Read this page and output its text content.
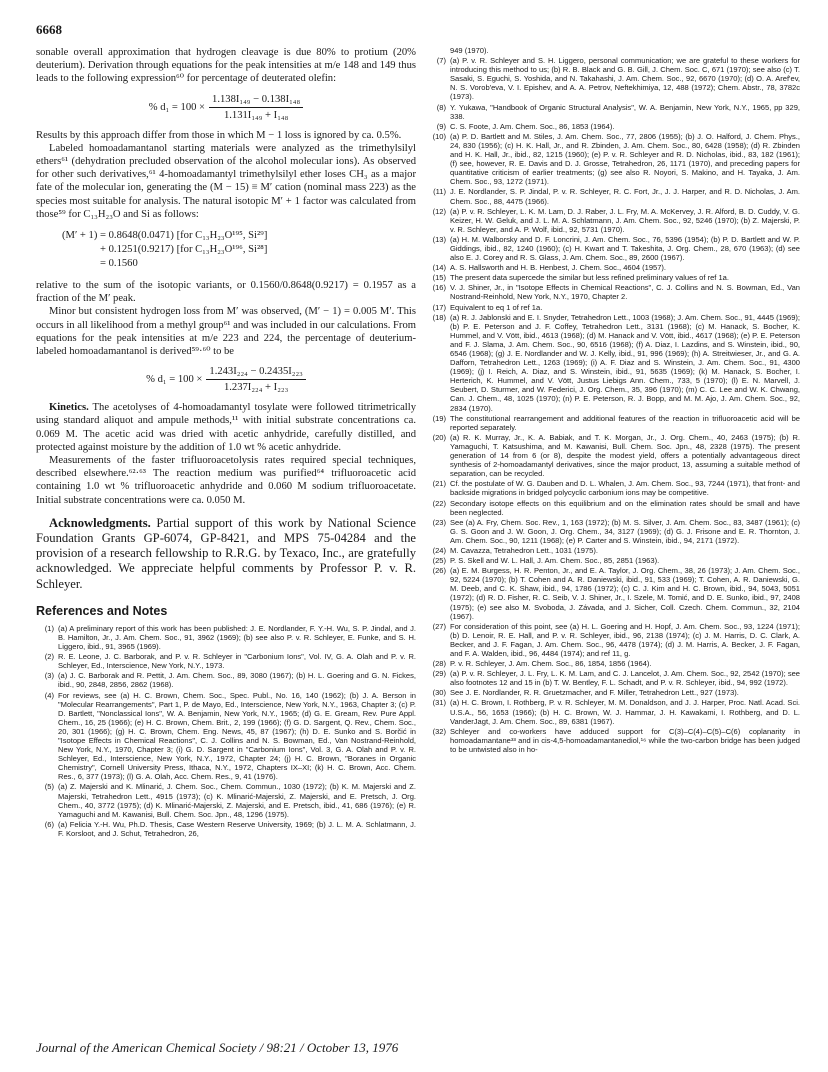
6668

sonable overall approximation that hydrogen cleavage is due 80% to protium (20% deuterium). Derivation through equations for the peak intensities at m/e 148 and 149 thus leads to the following expression⁶⁰ for percentage of deuterated olefin:

% $d_1 = 100 \times \frac{\text{1.138I₁₄₉ − 0.138I₁₄₈}}{\text{1.131I₁₄₉ + I₁₄₈}}$

Results by this approach differ from those in which M − 1 loss is ignored by ca. 0.5%.

Labeled homoadamantanol starting materials were analyzed as the trimethylsilyl ethers⁶¹ (dehydration precluded observation of the alcohol molecular ions). As observed for other such derivatives,⁶¹ 4-homoadamantyl trimethylsilyl ether loses CH₃ as a major fate of the molecular ion, generating the (M − 15) ≡ M′ cation (nominal mass 223) as the species most suitable for analysis. The natural isotopic M′ + 1 factor was calculated from those⁵⁹ for C₁₃H₂₃O and Si as follows:

(M′ + 1) = 0.8648(0.0471) [for C₁₃H₂₃O¹⁹⁵, Si²⁹]
+ 0.1251(0.9217) [for C₁₃H₂₃O¹⁹⁶, Si²⁸]
= 0.1560

relative to the sum of the isotopic variants, or 0.1560/0.8648(0.9217) = 0.1957 as a fraction of the M′ peak.

Minor but consistent hydrogen loss from M′ was observed, (M′ − 1) = 0.005 M′. This occurs in all likelihood from a methyl group⁶¹ and was included in our calculations. From equations for the peak intensities at m/e 223 and 224, the percentage of deuterium-labeled homoadamantanol is derived⁵⁹·⁶⁰ to be

% $d_1 = 100 \times \frac{\text{1.243I₂₂₄ − 0.2435I₂₂₃}}{\text{1.237I₂₂₄ + I₂₂₃}}$

Kinetics. The acetolyses of 4-homoadamantyl tosylate were followed titrimetrically using standard aliquot and ampule methods,¹¹ with initial substrate concentrations ca. 0.069 M. The acetic acid was dried with acetic anhydride, carefully distilled, and protected against moisture by the addition of 1.0 wt % acetic anhydride.

Measurements of the faster trifluoroacetolysis rates required special techniques, described elsewhere.⁶²·⁶³ The reaction medium was purified⁶⁴ trifluoroacetic acid containing 1.0 wt % trifluoroacetic anhydride and 0.060 M sodium trifluoroacetate. Initial substrate concentrations were ca. 0.050 M.

Acknowledgments. Partial support of this work by National Science Foundation Grants GP-6074, GP-8421, and MPS 75-04284 and the provision of a research fellowship to R.R.G. by Texaco, Inc., are gratefully acknowledged. We appreciate helpful comments by Professor P. v. R. Schleyer.

References and Notes
(1) (a) A preliminary report of this work has been published: J. E. Nordlander, F. Y.-H. Wu, S. P. Jindal, and J. B. Hamilton, Jr., J. Am. Chem. Soc., 91, 3962 (1969); (b) see also P. v. R. Schleyer, E. Funke, and S. H. Liggero, ibid., 91, 3965 (1969).
(2) R. E. Leone, J. C. Barborak, and P. v. R. Schleyer in "Carbonium Ions", Vol. IV, G. A. Olah and P. v. R. Schleyer, Ed., Interscience, New York, N.Y., 1973.
(3) (a) J. C. Barborak and R. Pettit, J. Am. Chem. Soc., 89, 3080 (1967); (b) H. L. Goering and G. N. Fickes, ibid., 90, 2848, 2856, 2862 (1968).
(4) For reviews, see (a) H. C. Brown, Chem. Soc., Spec. Publ., No. 16, 140 (1962); (b) J. A. Berson in "Molecular Rearrangements", Part 1, P. de Mayo, Ed., Interscience, New York, N.Y., 1963, Chapter 3; (c) P. D. Bartlett, "Nonclassical Ions", W. A. Benjamin, New York, N.Y., 1965; (d) G. E. Gream, Rev. Pure Appl. Chem., 16, 25 (1966); (e) H. C. Brown, Chem. Brit., 2, 199 (1966); (f) G. D. Sargent, Q. Rev., Chem. Soc., 20, 301 (1966); (g) H. C. Brown, Chem. Eng. News, 45, 87 (1967); (h) D. E. Sunko and S. Borčić in "Isotope Effects in Chemical Reactions", C. J. Collins and N. S. Bowman, Ed., Van Nostrand-Reinhold, New York, N.Y., 1970, Chapter 3; (i) G. D. Sargent in "Carbonium Ions", Vol. 3, G. A. Olah and P. v. R. Schleyer, Ed., Interscience, New York, N.Y., 1972, Chapter 24; (j) H. C. Brown, "Boranes in Organic Chemistry", Cornell University Press, Ithaca, N.Y., 1972, Chapters IX–XI; (k) H. C. Brown, Acc. Chem. Res., 6, 377 (1973); (l) G. A. Olah, Acc. Chem. Res., 9, 41 (1976).
(5) (a) Z. Majerski and K. Mlinarić, J. Chem. Soc., Chem. Commun., 1030 (1972); (b) K. M. Majerski and Z. Majerski, Tetrahedron Lett., 4915 (1973); (c) K. Mlinarić-Majerski, Z. Majerski, and E. Pretsch, J. Org. Chem., 40, 3772 (1975); (d) K. Mlinarić-Majerski, Z. Majerski, and E. Pretsch, ibid., 41, 686 (1976); (e) R. Yamaguchi and M. Kawanisi, Bull. Chem. Soc. Jpn., 48, 1296 (1975).
(6) (a) Felicia Y.-H. Wu, Ph.D. Thesis, Case Western Reserve University, 1969; (b) J. L. M. A. Schlatmann, J. F. Korsloot, and J. Schut, Tetrahedron, 26,
949 (1970).
(7) (a) P. v. R. Schleyer and S. H. Liggero, personal communication; we are grateful to these workers for introducing this method to us; (b) R. B. Black and G. B. Gill, J. Chem. Soc. C, 671 (1970); see also (c) T. Sasaki, S. Eguchi, S. Yoshida, and N. Takahashi, J. Am. Chem. Soc., 92, 6670 (1970); (d) O. A. Aref'ev, N. S. Vorob'eva, V. I. Epishev, and A. A. Petrov, Neftekhimiya, 12, 488 (1972); Chem. Abstr., 78, 3782c (1973).
(8) Y. Yukawa, "Handbook of Organic Structural Analysis", W. A. Benjamin, New York, N.Y., 1965, pp 329, 338.
(9) C. S. Foote, J. Am. Chem. Soc., 86, 1853 (1964).
(10) (a) P. D. Bartlett and M. Stiles, J. Am. Chem. Soc., 77, 2806 (1955); (b) J. O. Halford, J. Chem. Phys., 24, 830 (1956); (c) H. K. Hall, Jr., and R. Zbinden, J. Am. Chem. Soc., 80, 6428 (1958); (d) R. Zbinden and H. K. Hall, Jr., ibid., 82, 1215 (1960); (e) P. v. R. Schleyer and R. D. Nicholas, ibid., 83, 182 (1961); (f) see, however, R. E. Davis and D. J. Grosse, Tetrahedron, 26, 1171 (1970), and preceding papers for quantitative criticism of earlier treatments; (g) see also R. Noyori, S. Makino, and H. Tayaka, J. Am. Chem. Soc., 93, 1272 (1971).
(11) J. E. Nordlander, S. P. Jindal, P. v. R. Schleyer, R. C. Fort, Jr., J. J. Harper, and R. D. Nicholas, J. Am. Chem. Soc., 88, 4475 (1966).
(12) (a) P. v. R. Schleyer, L. K. M. Lam, D. J. Raber, J. L. Fry, M. A. McKervey, J. R. Alford, B. D. Cuddy, V. G. Keizer, H. W. Geluk, and J. L. M. A. Schlatmann, J. Am. Chem. Soc., 92, 5246 (1970); (b) Z. Majerski, P. v. R. Schleyer, and A. P. Wolf, ibid., 92, 5731 (1970).
(13) (a) H. M. Walborsky and D. F. Loncrini, J. Am. Chem. Soc., 76, 5396 (1954); (b) P. D. Bartlett and W. P. Giddings, ibid., 82, 1240 (1960); (c) H. Kwart and T. Takeshita, J. Org. Chem., 28, 670 (1963); (d) see also E. J. Corey and R. S. Glass, J. Am. Chem. Soc., 89, 2600 (1967).
(14) A. S. Hallsworth and H. B. Henbest, J. Chem. Soc., 4604 (1957).
(15) The present data supercede the similar but less refined preliminary values of ref 1a.
(16) V. J. Shiner, Jr., in "Isotope Effects in Chemical Reactions", C. J. Collins and N. S. Bowman, Ed., Van Nostrand-Reinhold, New York, N.Y., 1970, Chapter 2.
(17) Equivalent to eq 1 of ref 1a.
(18) (a) R. J. Jablonski and E. I. Snyder, Tetrahedron Lett., 1003 (1968); J. Am. Chem. Soc., 91, 4445 (1969); (b) P. E. Peterson and J. F. Coffey, Tetrahedron Lett., 3131 (1968); (c) M. Hanack, S. Bocher, K. Hummel, and V. Vött, ibid., 4613 (1968); (d) M. Hanack and V. Vött, ibid., 4617 (1968); (e) P. E. Peterson and F. J. Slama, J. Am. Chem. Soc., 90, 6516 (1968); (f) A. Diaz, I. Lazdins, and S. Winstein, ibid., 90, 6546 (1968); (g) J. E. Nordlander and W. J. Kelly, ibid., 91, 996 (1969); (h) A. Streitwieser, Jr., and G. A. Dafforn, Tetrahedron Lett., 1263 (1969); (i) A. F. Diaz and S. Winstein, J. Am. Chem. Soc., 91, 4300 (1969); (j) I. Reich, A. Diaz, and S. Winstein, ibid., 91, 5635 (1969); (k) M. Hanack, S. Bocher, I. Herterich, K. Hummel, and V. Vött, Justus Liebigs Ann. Chem., 733, 5 (1970); (l) E. N. Marvell, J. Seubert, D. Sturmer, and W. Federici, J. Org. Chem., 35, 396 (1970); (m) C. C. Lee and W. K. Chwang, Can. J. Chem., 48, 1025 (1970); (n) P. E. Peterson, R. J. Bopp, and M. M. Ajo, J. Am. Chem. Soc., 92, 2834 (1970).
(19) The constitutional rearrangement and additional features of the reaction in trifluoroacetic acid will be reported separately.
(20) (a) R. K. Murray, Jr., K. A. Babiak, and T. K. Morgan, Jr., J. Org. Chem., 40, 2463 (1975); (b) R. Yamaguchi, T. Katsushima, and M. Kawanisi, Bull. Chem. Soc. Jpn., 48, 2328 (1975). The present generation of 14 from 6 (or 8), despite the modest yield, offers a potentially advantageous direct synthesis of 2-homoadamantyl derivatives, since the major product, 13, assuming a suitable method of separation, can be recycled.
(21) Cf. the postulate of W. G. Dauben and D. L. Whalen, J. Am. Chem. Soc., 93, 7244 (1971), that front- and backside migrations in bridged polycyclic carbonium ions may be competitive.
(22) Secondary isotope effects on this equilibrium and on the elimination rates should be small and have been neglected.
(23) See (a) A. Fry, Chem. Soc. Rev., 1, 163 (1972); (b) M. S. Silver, J. Am. Chem. Soc., 83, 3487 (1961); (c) G. S. Goon and J. W. Goon, J. Org. Chem., 34, 3127 (1969); (d) G. J. Frisone and E. R. Thornton, J. Am. Chem. Soc., 90, 1211 (1968); (e) P. Carter and S. Winstein, ibid., 94, 2171 (1972).
(24) M. Cavazza, Tetrahedron Lett., 1031 (1975).
(25) P. S. Skell and W. L. Hall, J. Am. Chem. Soc., 85, 2851 (1963).
(26) (a) E. M. Burgess, H. R. Penton, Jr., and E. A. Taylor, J. Org. Chem., 38, 26 (1973); J. Am. Chem. Soc., 92, 5224 (1970); (b) T. Cohen and A. R. Daniewski, ibid., 91, 533 (1969); T. Cohen, A. R. Daniewski, G. M. Deeb, and C. K. Shaw, ibid., 94, 1786 (1972); (c) C. J. Kim and H. C. Brown, ibid., 94, 5043, 5051 (1972); (d) R. D. Fisher, R. C. Seib, V. J. Shiner, Jr., I. Szele, M. Tomić, and D. E. Sunko, ibid., 97, 2408 (1975); (e) see also M. Svoboda, J. Závada, and J. Sicher, Coll. Czech. Chem. Commun., 32, 2104 (1967).
(27) For consideration of this point, see (a) H. L. Goering and H. Hopf, J. Am. Chem. Soc., 93, 1224 (1971); (b) D. Lenoir, R. E. Hall, and P. v. R. Schleyer, ibid., 96, 2138 (1974); (c) J. M. Harris, D. C. Clark, A. Becker, and J. F. Fagan, J. Am. Chem. Soc., 96, 4478 (1974); (d) J. M. Harris, A. Becker, J. F. Fagan, and F. A. Walden, ibid., 96, 4484 (1974); and ref 11, g.
(28) P. v. R. Schleyer, J. Am. Chem. Soc., 86, 1854, 1856 (1964).
(29) (a) P. v. R. Schleyer, J. L. Fry, L. K. M. Lam, and C. J. Lancelot, J. Am. Chem. Soc., 92, 2542 (1970); see also footnotes 12 and 15 in (b) T. W. Bentley, F. L. Schadt, and P. v. R. Schleyer, ibid., 94, 992 (1972).
(30) See J. E. Nordlander, R. R. Gruetzmacher, and F. Miller, Tetrahedron Lett., 927 (1973).
(31) (a) H. C. Brown, I. Rothberg, P. v. R. Schleyer, M. M. Donaldson, and J. J. Harper, Proc. Natl. Acad. Sci. U.S.A., 56, 1653 (1966); (b) H. C. Brown, W. J. Hammar, J. H. Kawakami, I. Rothberg, and D. L. VanderJagt, J. Am. Chem. Soc., 89, 6381 (1967).
(32) Schleyer and co-workers have adduced support for C(3)–C(4)–C(5)–C(6) coplanarity in homoadamantane³³ and in cis-4,5-homoadamantanediol,¹⁶ while the two-carbon bridge has been judged to be untwisted also in ho-
Journal of the American Chemical Society / 98:21 / October 13, 1976
